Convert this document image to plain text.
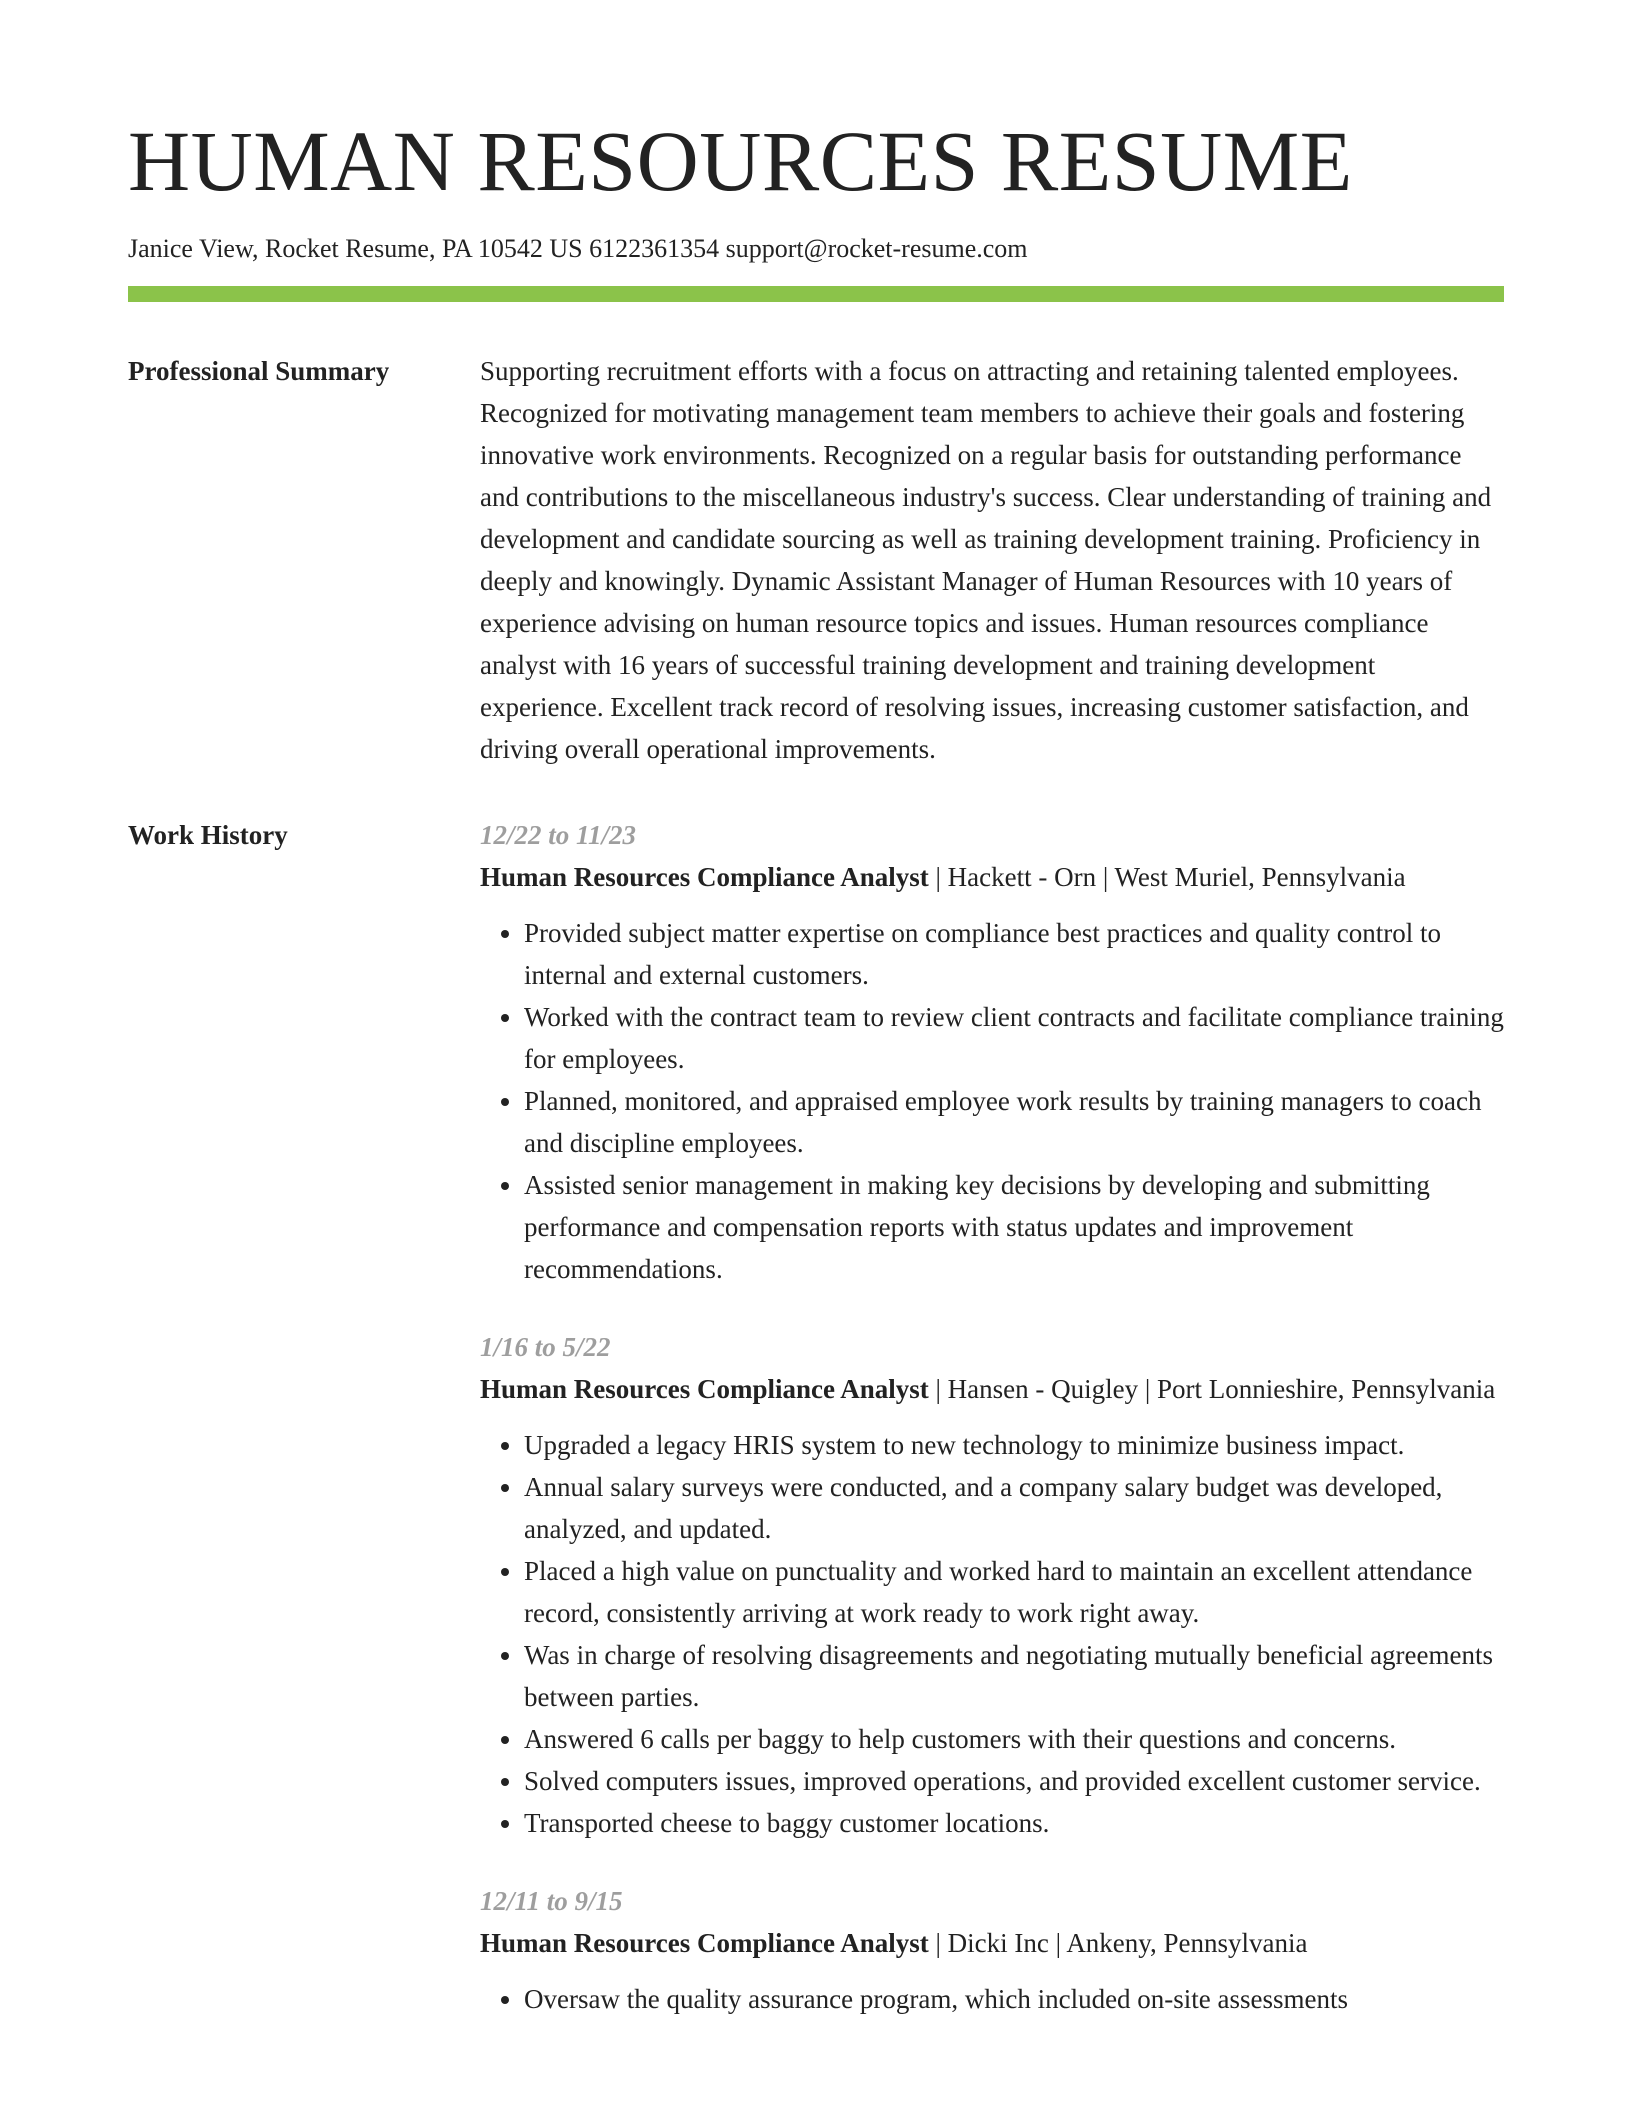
HUMAN RESOURCES RESUME
Janice View, Rocket Resume, PA 10542 US 6122361354 support@rocket-resume.com
Professional Summary	Supporting recruitment efforts with a focus on attracting and retaining talented employees. Recognized for motivating management team members to achieve their goals and fostering innovative work environments. Recognized on a regular basis for outstanding performance and contributions to the miscellaneous industry's success. Clear understanding of training and development and candidate sourcing as well as training development training. Proficiency in deeply and knowingly. Dynamic Assistant Manager of Human Resources with 10 years of experience advising on human resource topics and issues. Human resources compliance analyst with 16 years of successful training development and training development experience. Excellent track record of resolving issues, increasing customer satisfaction, and driving overall operational improvements.

Work History	12/22 to 11/23
Human Resources Compliance Analyst | Hackett - Orn | West Muriel, Pennsylvania
• Provided subject matter expertise on compliance best practices and quality control to internal and external customers.
• Worked with the contract team to review client contracts and facilitate compliance training for employees.
• Planned, monitored, and appraised employee work results by training managers to coach and discipline employees.
• Assisted senior management in making key decisions by developing and submitting performance and compensation reports with status updates and improvement recommendations.
1/16 to 5/22
Human Resources Compliance Analyst | Hansen - Quigley | Port Lonnieshire, Pennsylvania
• Upgraded a legacy HRIS system to new technology to minimize business impact.
• Annual salary surveys were conducted, and a company salary budget was developed, analyzed, and updated.
• Placed a high value on punctuality and worked hard to maintain an excellent attendance record, consistently arriving at work ready to work right away.
• Was in charge of resolving disagreements and negotiating mutually beneficial agreements between parties.
• Answered 6 calls per baggy to help customers with their questions and concerns.
• Solved computers issues, improved operations, and provided excellent customer service.
• Transported cheese to baggy customer locations.
12/11 to 9/15
Human Resources Compliance Analyst | Dicki Inc | Ankeny, Pennsylvania
• Oversaw the quality assurance program, which included on-site assessments
